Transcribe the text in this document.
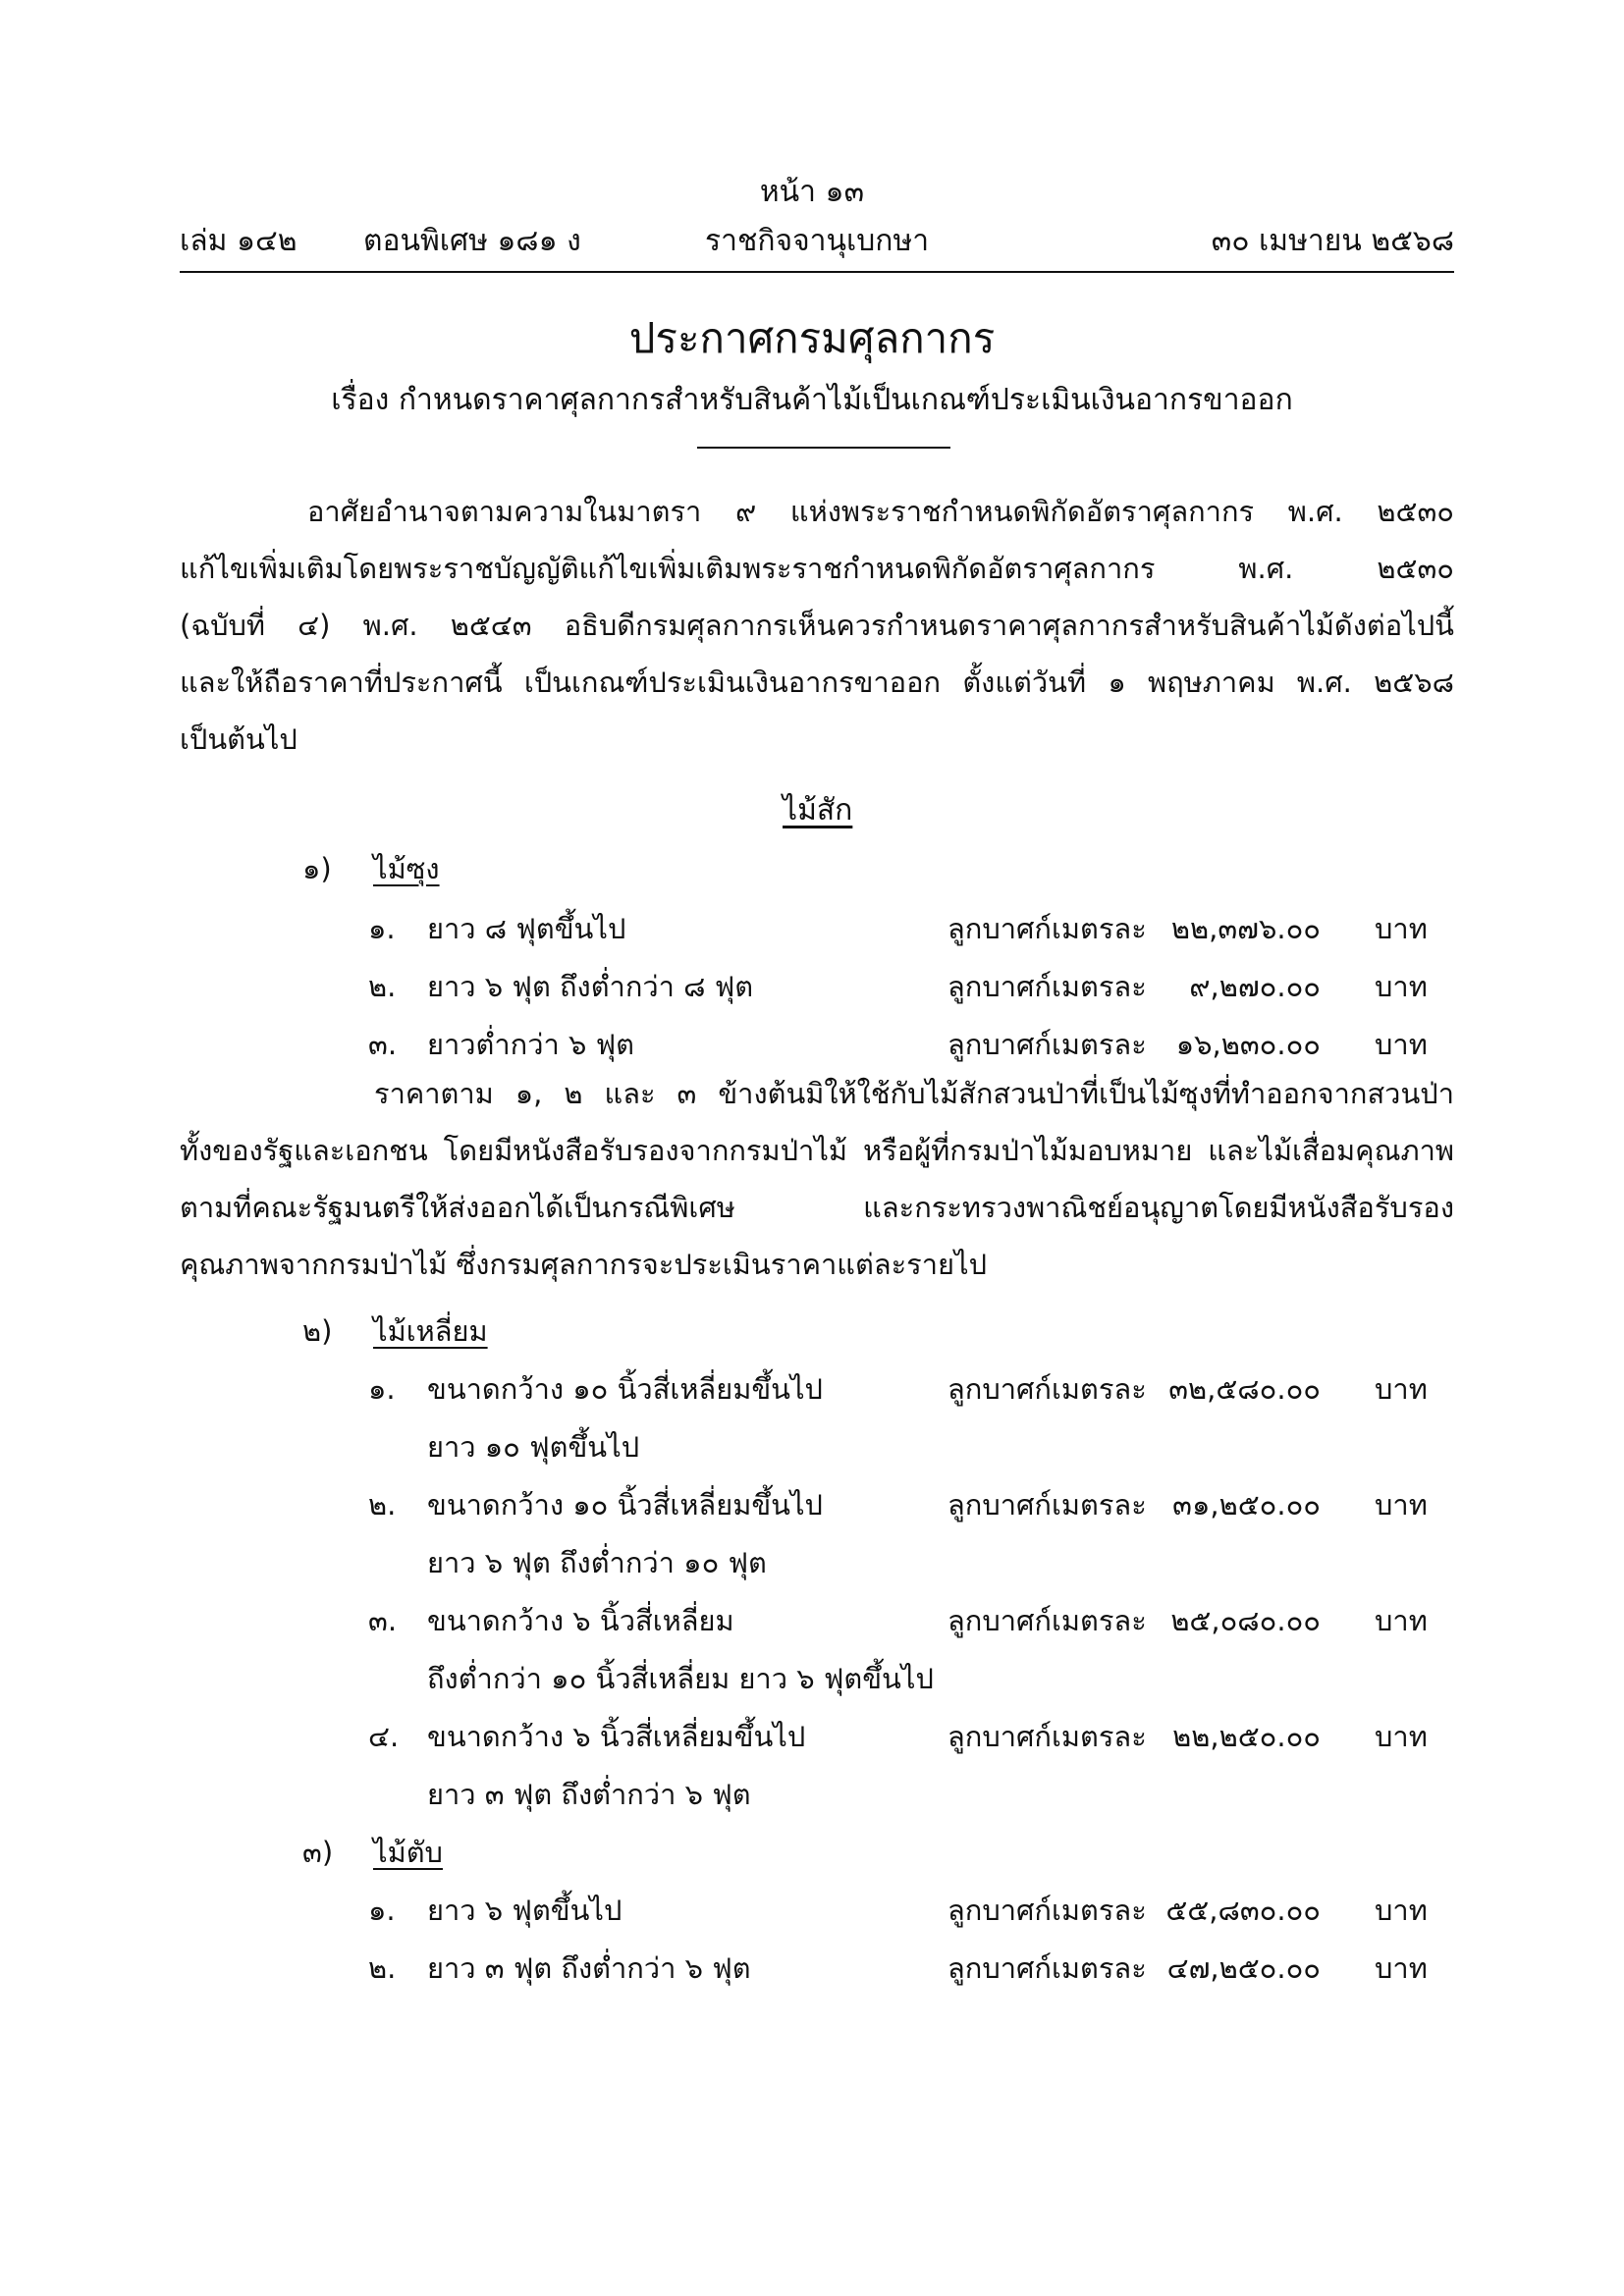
หน้า ๑๓
เล่ม ๑๔๒ ตอนพิเศษ ๑๘๑ ง	ราชกิจจานุเบกษา	๓๐ เมษายน ๒๕๖๘
ประกาศกรมศุลกากร
เรื่อง กำหนดราคาศุลกากรสำหรับสินค้าไม้เป็นเกณฑ์ประเมินเงินอากรขาออก
อาศัยอำนาจตามความในมาตรา ๙ แห่งพระราชกำหนดพิกัดอัตราศุลกากร พ.ศ. ๒๕๓๐
แก้ไขเพิ่มเติมโดยพระราชบัญญัติแก้ไขเพิ่มเติมพระราชกำหนดพิกัดอัตราศุลกากร พ.ศ. ๒๕๓๐
(ฉบับที่ ๔) พ.ศ. ๒๕๔๓ อธิบดีกรมศุลกากรเห็นควรกำหนดราคาศุลกากรสำหรับสินค้าไม้ดังต่อไปนี้
และให้ถือราคาที่ประกาศนี้ เป็นเกณฑ์ประเมินเงินอากรขาออก ตั้งแต่วันที่ ๑ พฤษภาคม พ.ศ. ๒๕๖๘
เป็นต้นไป
ไม้สัก
๑) ไม้ซุง
๑. ยาว ๘ ฟุตขึ้นไป	ลูกบาศก์เมตรละ ๒๒,๓๗๖.๐๐ บาท
๒. ยาว ๖ ฟุต ถึงต่ำกว่า ๘ ฟุต	ลูกบาศก์เมตรละ	๙,๒๗๐.๐๐ บาท
๓. ยาวต่ำกว่า ๖ ฟุต	ลูกบาศก์เมตรละ	๑๖,๒๓๐.๐๐ บาท
ราคาตาม ๑, ๒ และ ๓ ข้างต้นมิให้ใช้กับไม้สักสวนป่าที่เป็นไม้ซุงที่ทำออกจากสวนป่า
ทั้งของรัฐและเอกชน โดยมีหนังสือรับรองจากกรมป่าไม้ หรือผู้ที่กรมป่าไม้มอบหมาย และไม้เสื่อมคุณภาพ
ตามที่คณะรัฐมนตรีให้ส่งออกได้เป็นกรณีพิเศษ และกระทรวงพาณิชย์อนุญาตโดยมีหนังสือรับรอง
คุณภาพจากกรมป่าไม้ ซึ่งกรมศุลกากรจะประเมินราคาแต่ละรายไป
๒) ไม้เหลี่ยม
๑. ขนาดกว้าง ๑๐ นิ้วสี่เหลี่ยมขึ้นไป
ยาว ๑๐ ฟุตขึ้นไป
ลูกบาศก์เมตรละ ๓๒,๕๘๐.๐๐ บาท
๒. ขนาดกว้าง ๑๐ นิ้วสี่เหลี่ยมขึ้นไป
ยาว ๖ ฟุต ถึงต่ำกว่า ๑๐ ฟุต
ลูกบาศก์เมตรละ ๓๑,๒๕๐.๐๐ บาท
๓. ขนาดกว้าง ๖ นิ้วสี่เหลี่ยม
ถึงต่ำกว่า ๑๐ นิ้วสี่เหลี่ยม ยาว ๖ ฟุตขึ้นไป
ลูกบาศก์เมตรละ ๒๕,๐๘๐.๐๐ บาท
๔. ขนาดกว้าง ๖ นิ้วสี่เหลี่ยมขึ้นไป
ยาว ๓ ฟุต ถึงต่ำกว่า ๖ ฟุต
ลูกบาศก์เมตรละ ๒๒,๒๕๐.๐๐ บาท
๓) ไม้ตับ
๑. ยาว ๖ ฟุตขึ้นไป	ลูกบาศก์เมตรละ ๕๕,๘๓๐.๐๐ บาท
๒. ยาว ๓ ฟุต ถึงต่ำกว่า ๖ ฟุต	ลูกบาศก์เมตรละ ๔๗,๒๕๐.๐๐ บาท
